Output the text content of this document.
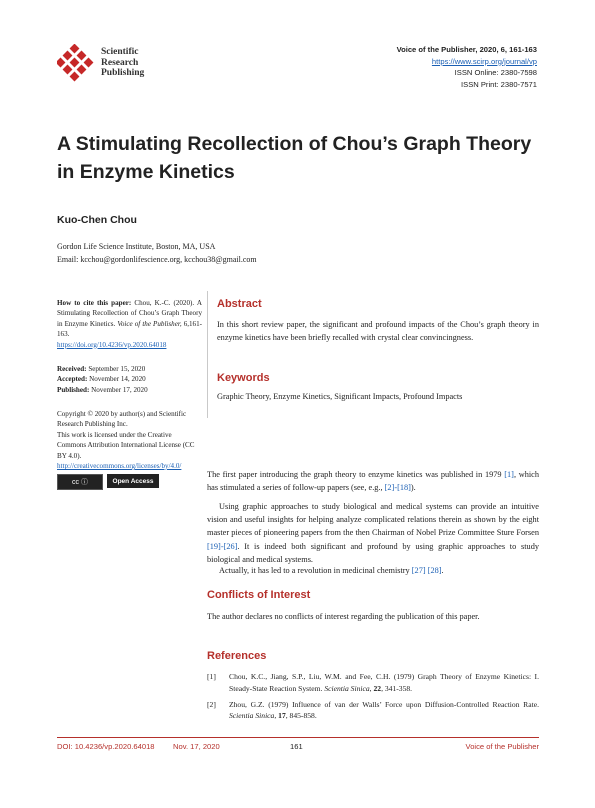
Scientific
Research
Publishing
Voice of the Publisher, 2020, 6, 161-163
https://www.scirp.org/journal/vp
ISSN Online: 2380-7598
ISSN Print: 2380-7571
A Stimulating Recollection of Chou’s Graph Theory in Enzyme Kinetics
Kuo-Chen Chou
Gordon Life Science Institute, Boston, MA, USA
Email: kcchou@gordonlifescience.org, kcchou38@gmail.com
How to cite this paper: Chou, K.-C. (2020). A Stimulating Recollection of Chou’s Graph Theory in Enzyme Kinetics. Voice of the Publisher, 6,161-163.
https://doi.org/10.4236/vp.2020.64018
Received: September 15, 2020
Accepted: November 14, 2020
Published: November 17, 2020
Copyright © 2020 by author(s) and Scientific Research Publishing Inc.
This work is licensed under the Creative Commons Attribution International License (CC BY 4.0).
http://creativecommons.org/licenses/by/4.0/
cc ⓘ	Open Access
Abstract
In this short review paper, the significant and profound impacts of the Chou’s graph theory in enzyme kinetics have been briefly recalled with crystal clear convincingness.
Keywords
Graphic Theory, Enzyme Kinetics, Significant Impacts, Profound Impacts
The first paper introducing the graph theory to enzyme kinetics was published in 1979 [1], which has stimulated a series of follow-up papers (see, e.g., [2]-[18]).
Using graphic approaches to study biological and medical systems can provide an intuitive vision and useful insights for helping analyze complicated relations therein as shown by the eight master pieces of pioneering papers from the then Chairman of Nobel Prize Committee Sture Forsen [19]-[26]. It is indeed both significant and profound by using graphic approaches to study biological and medical systems.
Actually, it has led to a revolution in medicinal chemistry [27] [28].
Conflicts of Interest
The author declares no conflicts of interest regarding the publication of this paper.
References
[1]	Chou, K.C., Jiang, S.P., Liu, W.M. and Fee, C.H. (1979) Graph Theory of Enzyme Kinetics: I. Steady-State Reaction System. Scientia Sinica, 22, 341-358.
[2]	Zhou, G.Z. (1979) Influence of van der Walls’ Force upon Diffusion-Controlled Reaction Rate. Scientia Sinica, 17, 845-858.
DOI: 10.4236/vp.2020.64018 Nov. 17, 2020	161	Voice of the Publisher
